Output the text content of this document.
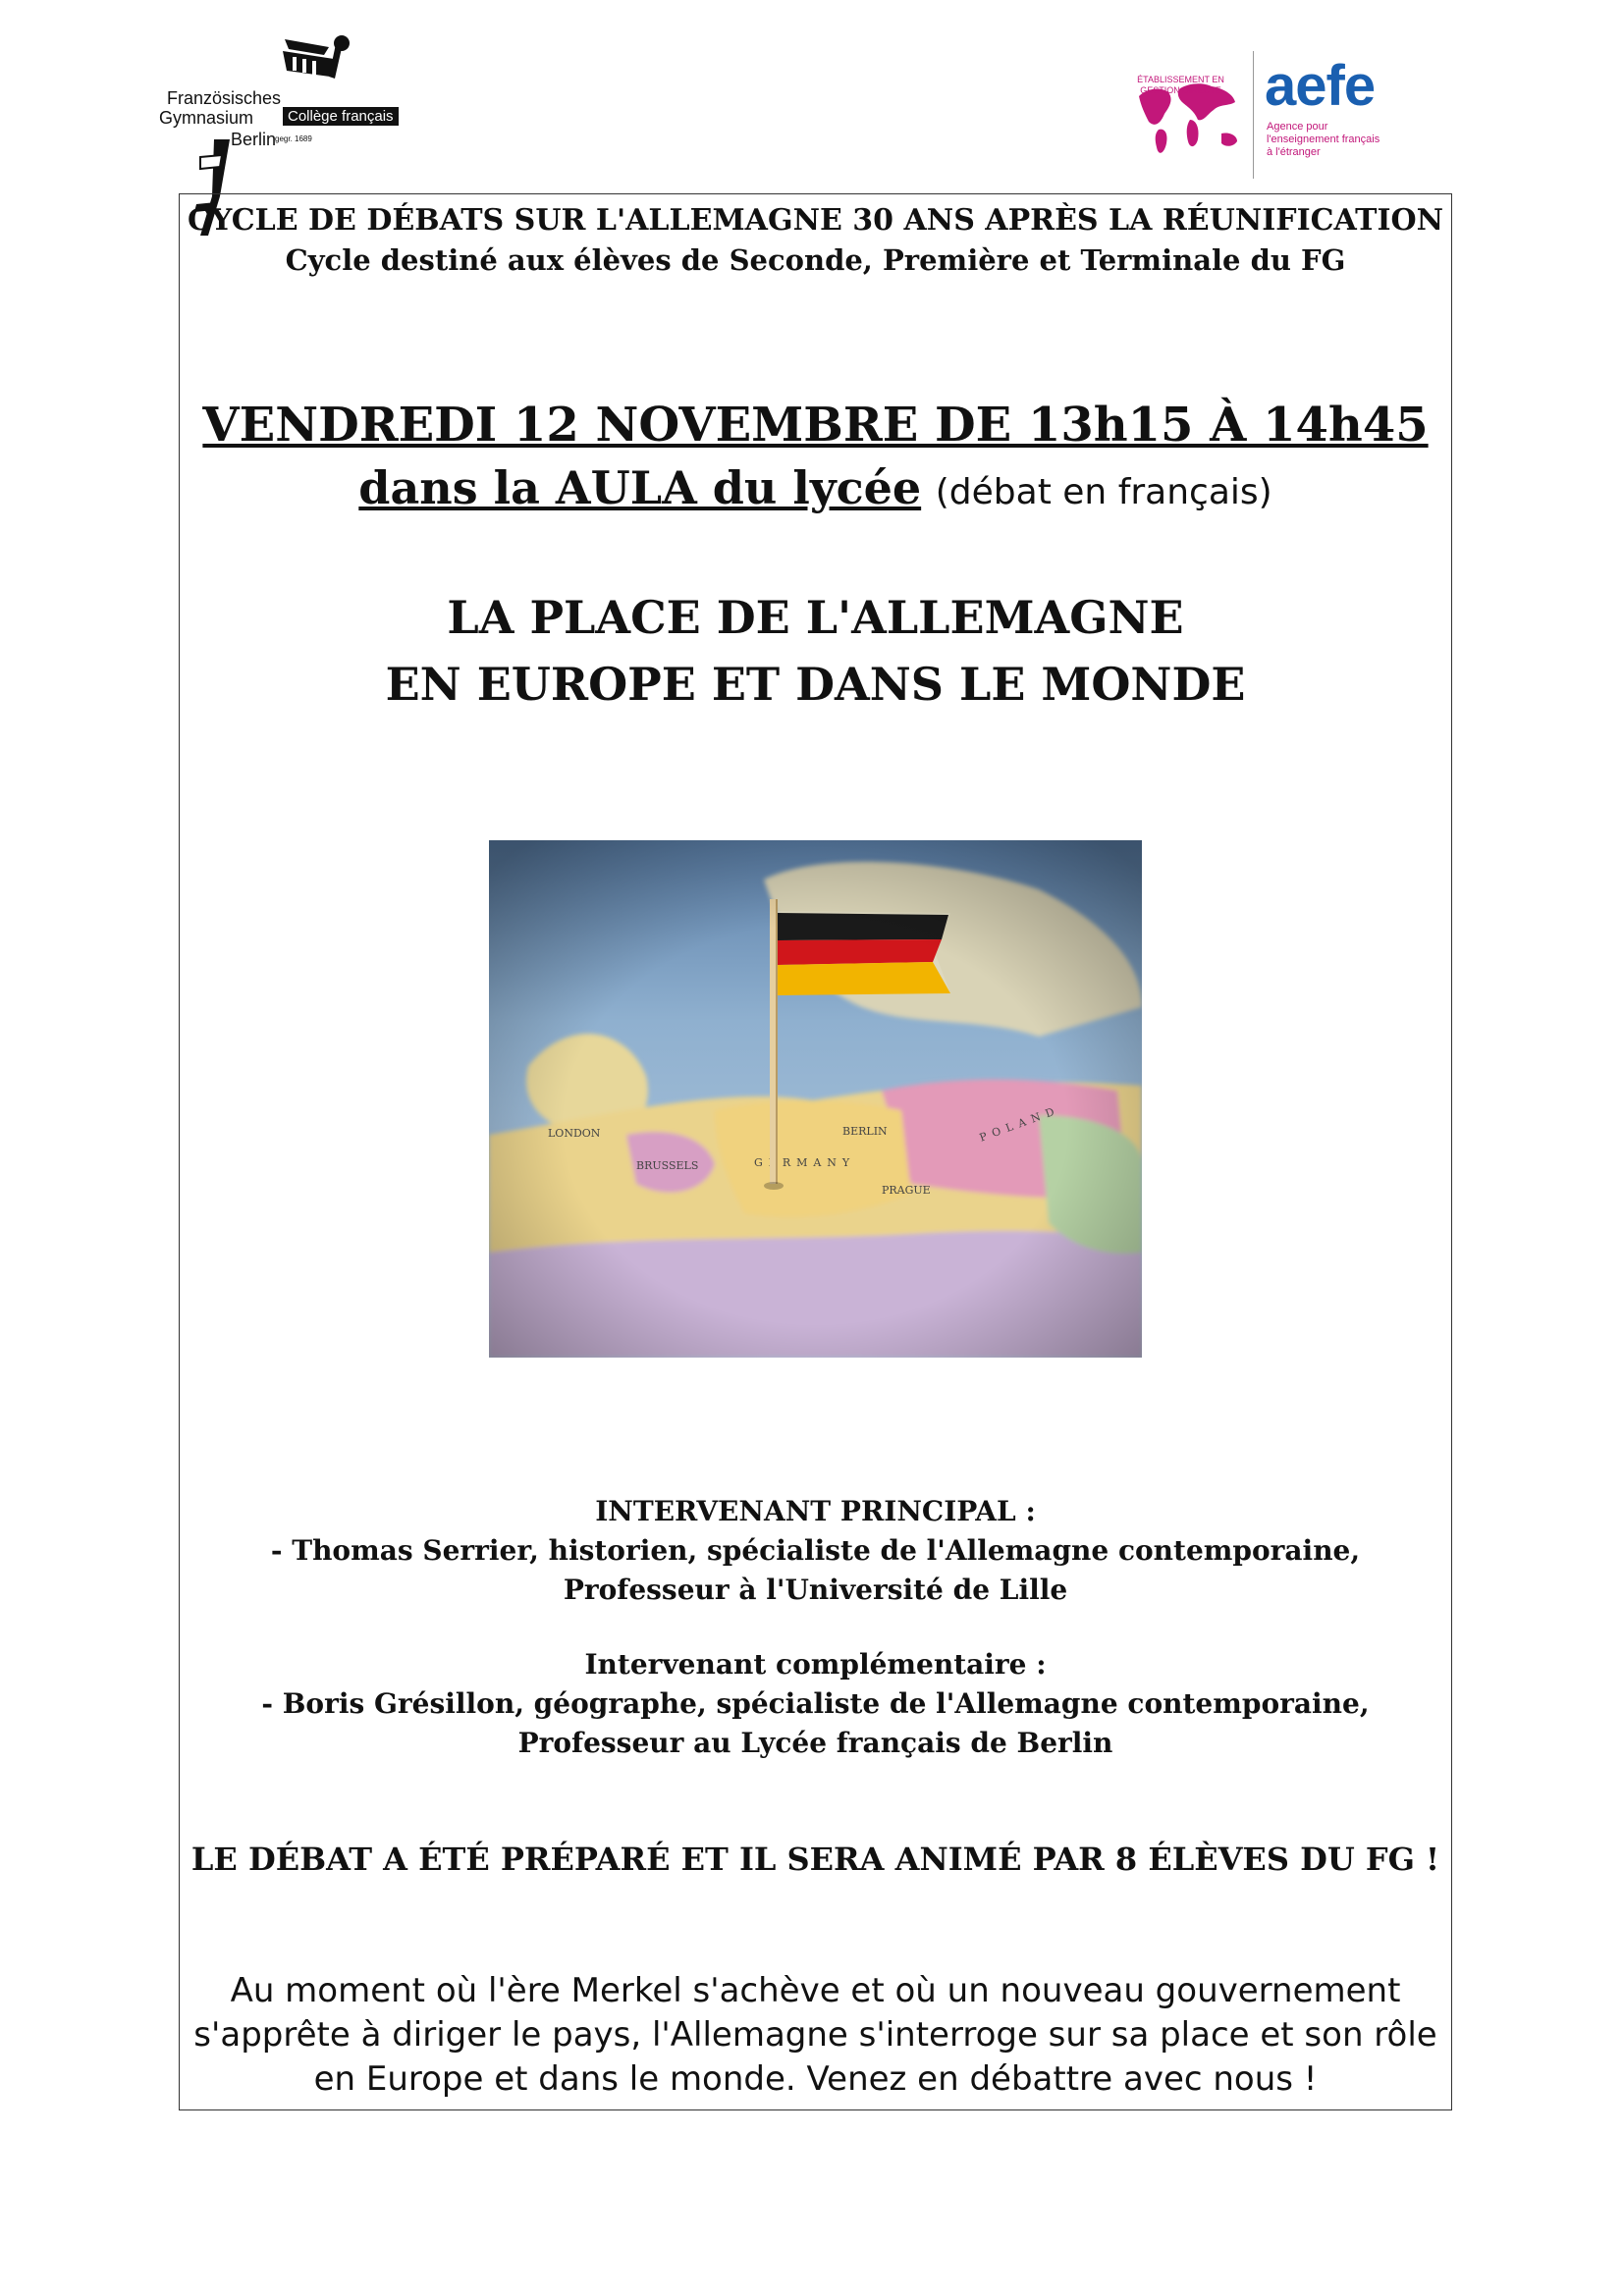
Französisches
Gymnasium	Collège français
Berlin
gegr. 1689
ÉTABLISSEMENT EN GESTION DIRECTE aefe
Agence pour
l'enseignement français
à l'étranger
CYCLE DE DÉBATS SUR L'ALLEMAGNE 30 ANS APRÈS LA RÉUNIFICATION
Cycle destiné aux élèves de Seconde, Première et Terminale du FG
VENDREDI 12 NOVEMBRE DE 13h15 À 14h45
dans la AULA du lycée (débat en français)
LA PLACE DE L'ALLEMAGNE
EN EUROPE ET DANS LE MONDE
INTERVENANT PRINCIPAL :
- Thomas Serrier, historien, spécialiste de l'Allemagne contemporaine,
Professeur à l'Université de Lille
Intervenant complémentaire :
- Boris Grésillon, géographe, spécialiste de l'Allemagne contemporaine,
Professeur au Lycée français de Berlin
LE DÉBAT A ÉTÉ PRÉPARÉ ET IL SERA ANIMÉ PAR 8 ÉLÈVES DU FG !
Au moment où l'ère Merkel s'achève et où un nouveau gouvernement
s'apprête à diriger le pays, l'Allemagne s'interroge sur sa place et son rôle
en Europe et dans le monde. Venez en débattre avec nous !
